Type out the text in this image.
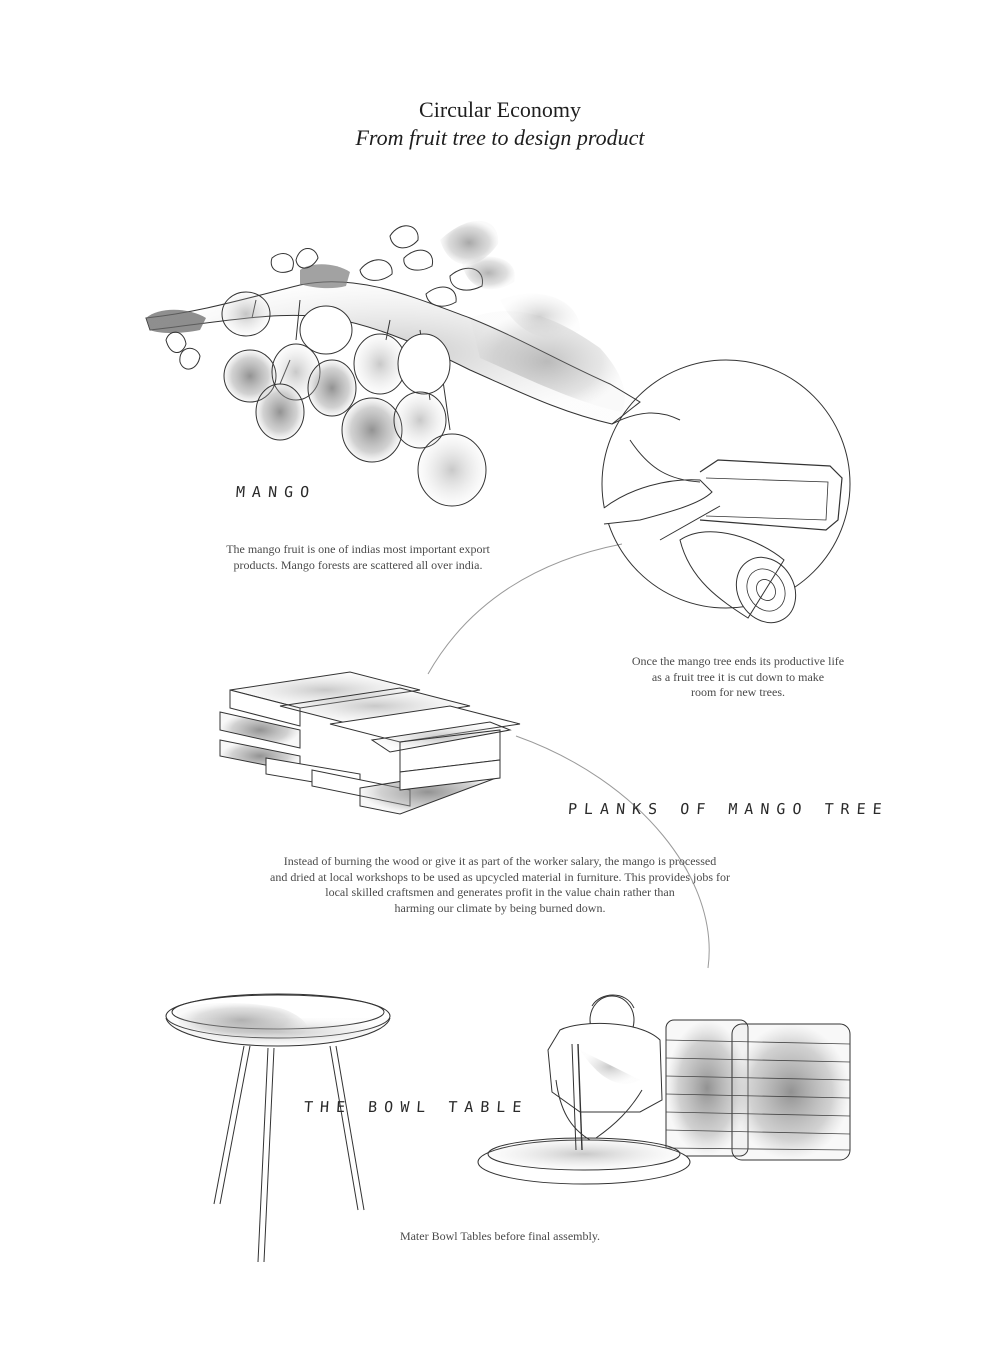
Circular Economy
From fruit tree to design product
MANGO
PLANKS OF MANGO TREE
THE BOWL TABLE
The mango fruit is one of indias most important export
products. Mango forests are scattered all over india.
Once the mango tree ends its productive life
as a fruit tree it is cut down to make
room for new trees.
Instead of burning the wood or give it as part of the worker salary, the mango is processed
and dried at local workshops to be used as upcycled material in furniture. This provides jobs for
local skilled craftsmen and generates profit in the value chain rather than
harming our climate by being burned down.
Mater Bowl Tables before final assembly.
